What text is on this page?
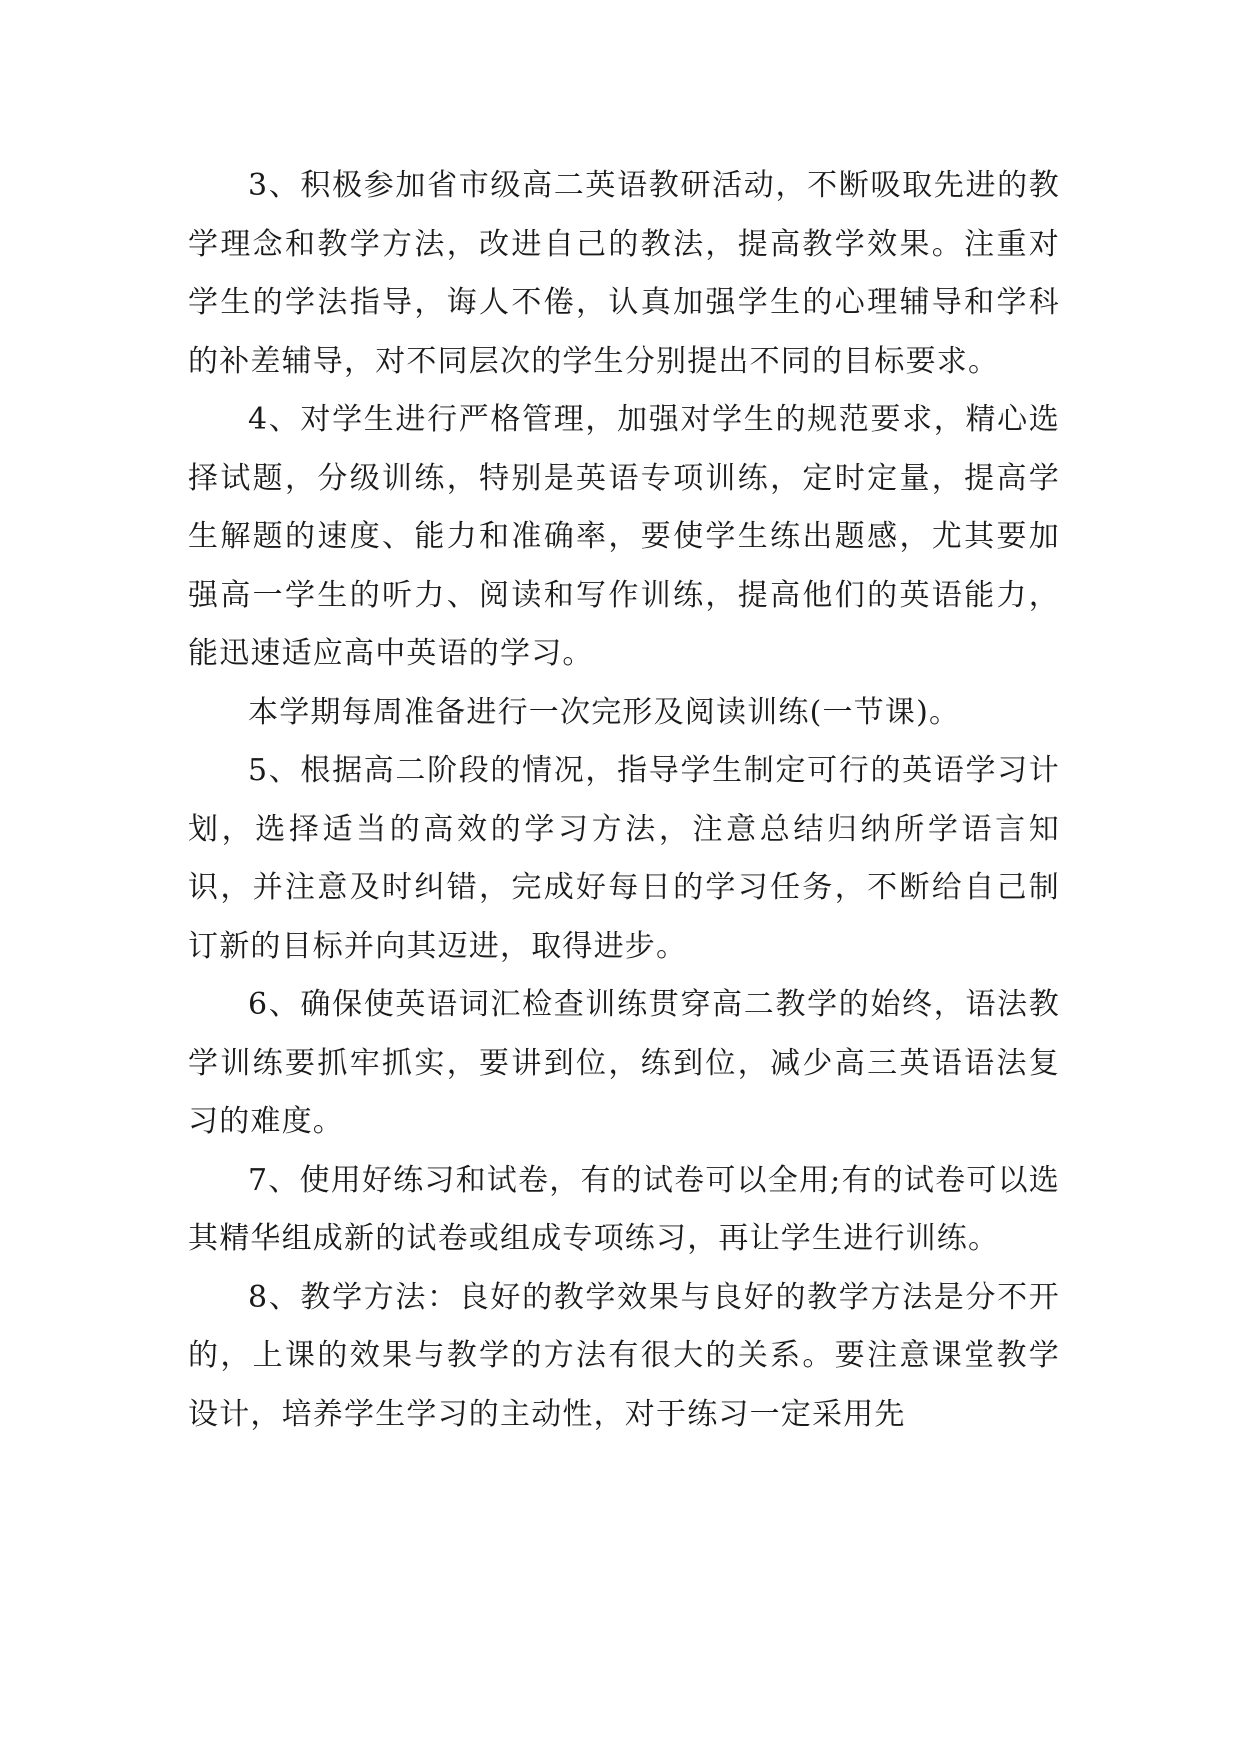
3、积极参加省市级高二英语教研活动，不断吸取先进的教学理念和教学方法，改进自己的教法，提高教学效果。注重对学生的学法指导，诲人不倦，认真加强学生的心理辅导和学科的补差辅导，对不同层次的学生分别提出不同的目标要求。

4、对学生进行严格管理，加强对学生的规范要求，精心选择试题，分级训练，特别是英语专项训练，定时定量，提高学生解题的速度、能力和准确率，要使学生练出题感，尤其要加强高一学生的听力、阅读和写作训练，提高他们的英语能力，能迅速适应高中英语的学习。

本学期每周准备进行一次完形及阅读训练(一节课)。

5、根据高二阶段的情况，指导学生制定可行的英语学习计划，选择适当的高效的学习方法，注意总结归纳所学语言知识，并注意及时纠错，完成好每日的学习任务，不断给自己制订新的目标并向其迈进，取得进步。

6、确保使英语词汇检查训练贯穿高二教学的始终，语法教学训练要抓牢抓实，要讲到位，练到位，减少高三英语语法复习的难度。

7、使用好练习和试卷，有的试卷可以全用;有的试卷可以选其精华组成新的试卷或组成专项练习，再让学生进行训练。

8、教学方法：良好的教学效果与良好的教学方法是分不开的，上课的效果与教学的方法有很大的关系。要注意课堂教学设计，培养学生学习的主动性，对于练习一定采用先
